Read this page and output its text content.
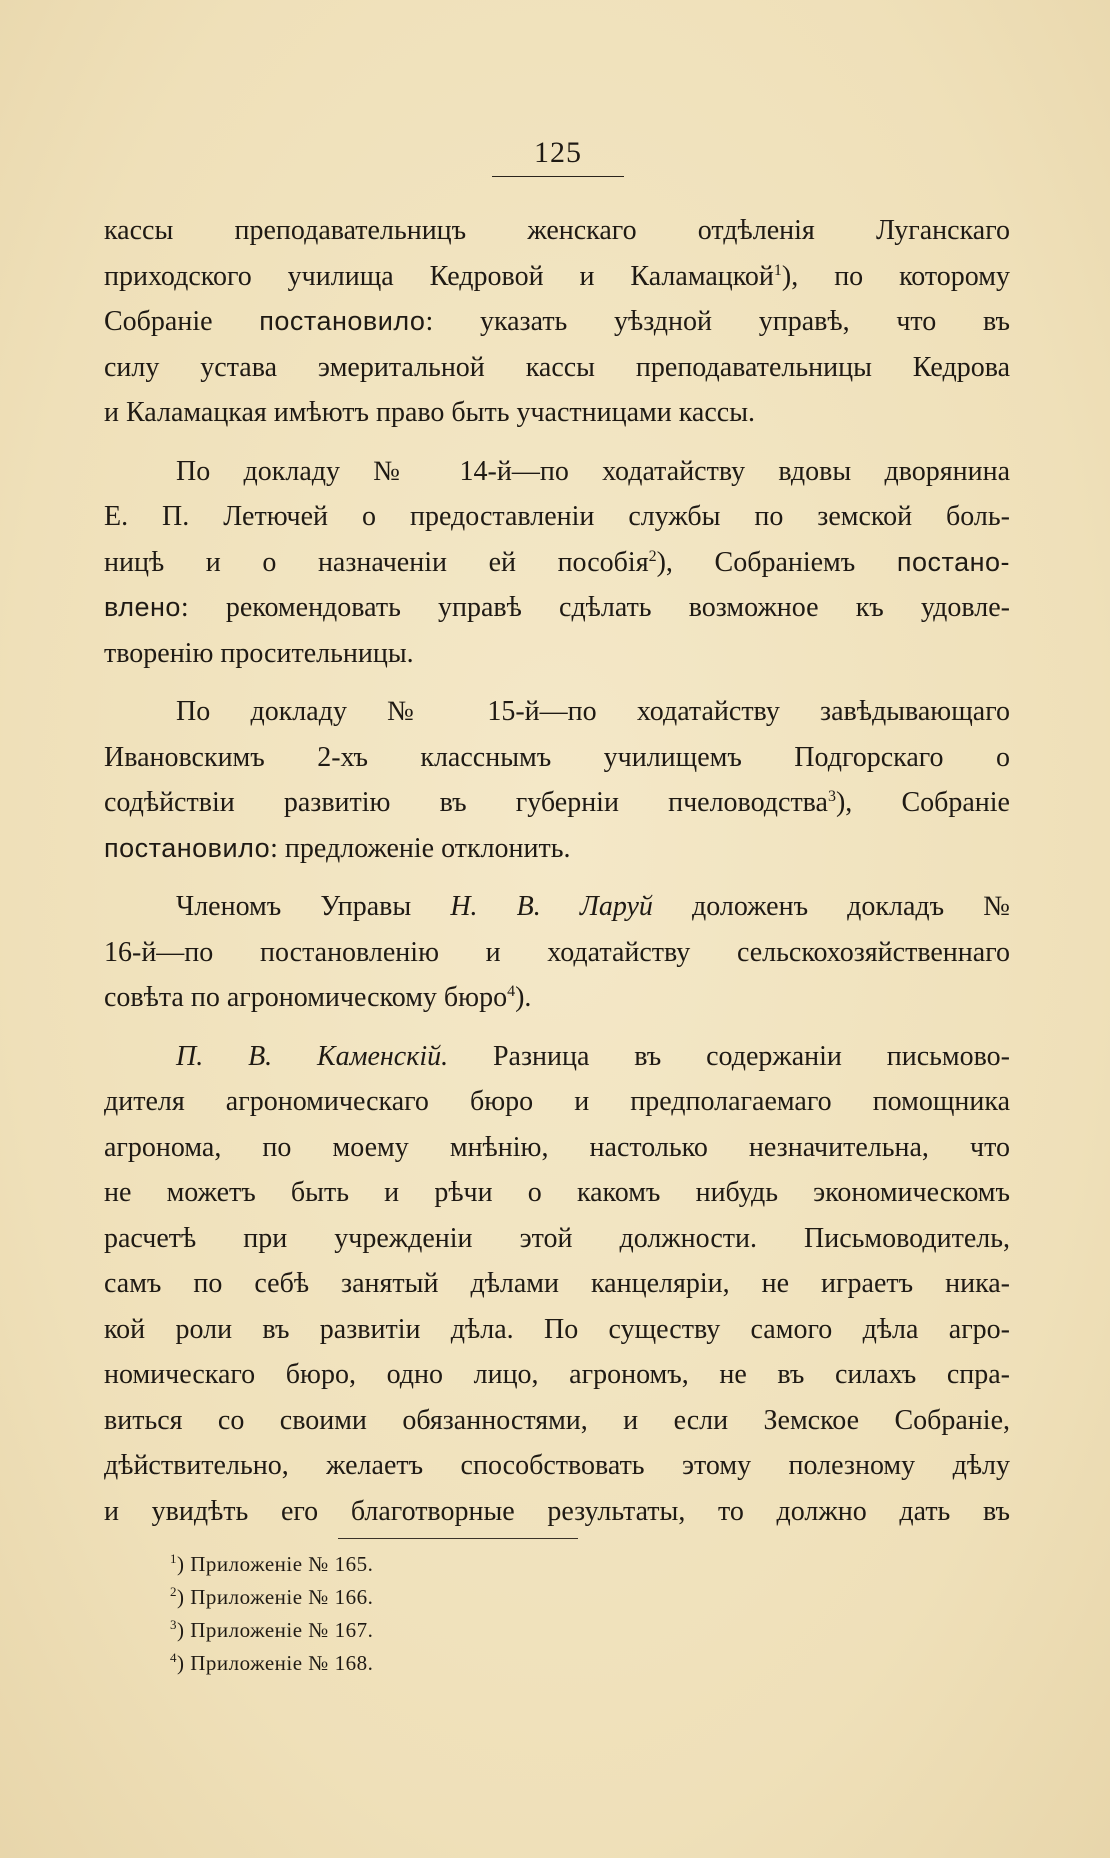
125
кассы преподавательницъ женскаго отдѣленія Луганскаго
приходского училища Кедровой и Каламацкой$^1$), по которому
Собраніе постановило: указать уѣздной управѣ, что въ
силу устава эмеритальной кассы преподавательницы Кедрова
и Каламацкая имѣютъ право быть участницами кассы.
По докладу № 14-й—по ходатайству вдовы дворянина
Е. П. Летючей о предоставленіи службы по земской боль-
ницѣ и о назначеніи ей пособія$^2$), Собраніемъ постано-
влено: рекомендовать управѣ сдѣлать возможное къ удовле-
творенію просительницы.
По докладу № 15-й—по ходатайству завѣдывающаго
Ивановскимъ 2-хъ класснымъ училищемъ Подгорскаго о
содѣйствіи развитію въ губерніи пчеловодства$^3$), Собраніе
постановило: предложеніе отклонить.
Членомъ Управы Н. В. Ларуй доложенъ докладъ №
16-й—по постановленію и ходатайству сельскохозяйственнаго
совѣта по агрономическому бюро$^4$).
П. В. Каменскій. Разница въ содержаніи письмово-
дителя агрономическаго бюро и предполагаемаго помощника
агронома, по моему мнѣнію, настолько незначительна, что
не можетъ быть и рѣчи о какомъ нибудь экономическомъ
расчетѣ при учрежденіи этой должности. Письмоводитель,
самъ по себѣ занятый дѣлами канцеляріи, не играетъ ника-
кой роли въ развитіи дѣла. По существу самого дѣла агро-
номическаго бюро, одно лицо, агрономъ, не въ силахъ спра-
виться со своими обязанностями, и если Земское Собраніе,
дѣйствительно, желаетъ способствовать этому полезному дѣлу
и увидѣть его благотворные результаты, то должно дать въ
$^1$) Приложеніе № 165.
$^2$) Приложеніе № 166.
$^3$) Приложеніе № 167.
$^4$) Приложеніе № 168.
